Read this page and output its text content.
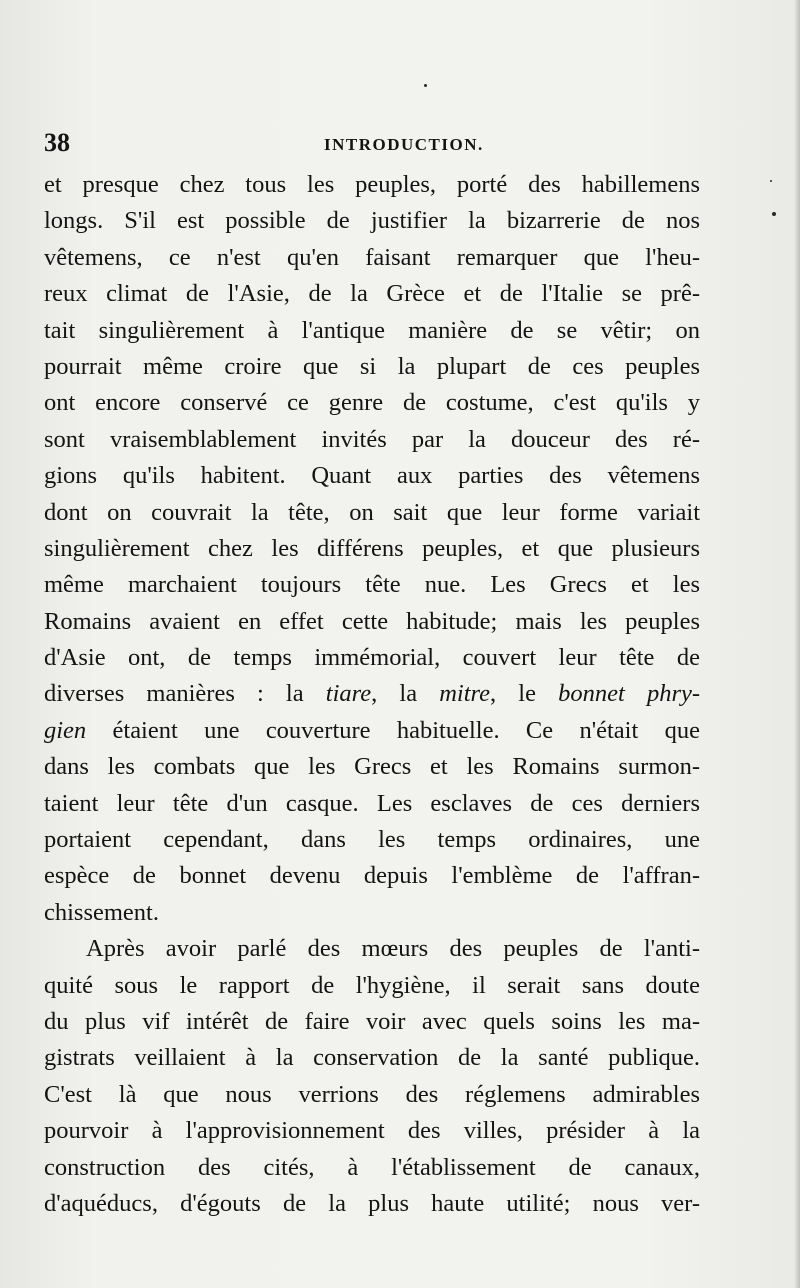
38	INTRODUCTION.
et presque chez tous les peuples, porté des habillemens
longs. S'il est possible de justifier la bizarrerie de nos
vêtemens, ce n'est qu'en faisant remarquer que l'heu-
reux climat de l'Asie, de la Grèce et de l'Italie se prê-
tait singulièrement à l'antique manière de se vêtir; on
pourrait même croire que si la plupart de ces peuples
ont encore conservé ce genre de costume, c'est qu'ils y
sont vraisemblablement invités par la douceur des ré-
gions qu'ils habitent. Quant aux parties des vêtemens
dont on couvrait la tête, on sait que leur forme variait
singulièrement chez les différens peuples, et que plusieurs
même marchaient toujours tête nue. Les Grecs et les
Romains avaient en effet cette habitude; mais les peuples
d'Asie ont, de temps immémorial, couvert leur tête de
diverses manières : la tiare, la mitre, le bonnet phry-
gien étaient une couverture habituelle. Ce n'était que
dans les combats que les Grecs et les Romains surmon-
taient leur tête d'un casque. Les esclaves de ces derniers
portaient cependant, dans les temps ordinaires, une
espèce de bonnet devenu depuis l'emblème de l'affran-
chissement.
Après avoir parlé des mœurs des peuples de l'anti-
quité sous le rapport de l'hygiène, il serait sans doute
du plus vif intérêt de faire voir avec quels soins les ma-
gistrats veillaient à la conservation de la santé publique.
C'est là que nous verrions des réglemens admirables
pourvoir à l'approvisionnement des villes, présider à la
construction des cités, à l'établissement de canaux,
d'aquéducs, d'égouts de la plus haute utilité; nous ver-
